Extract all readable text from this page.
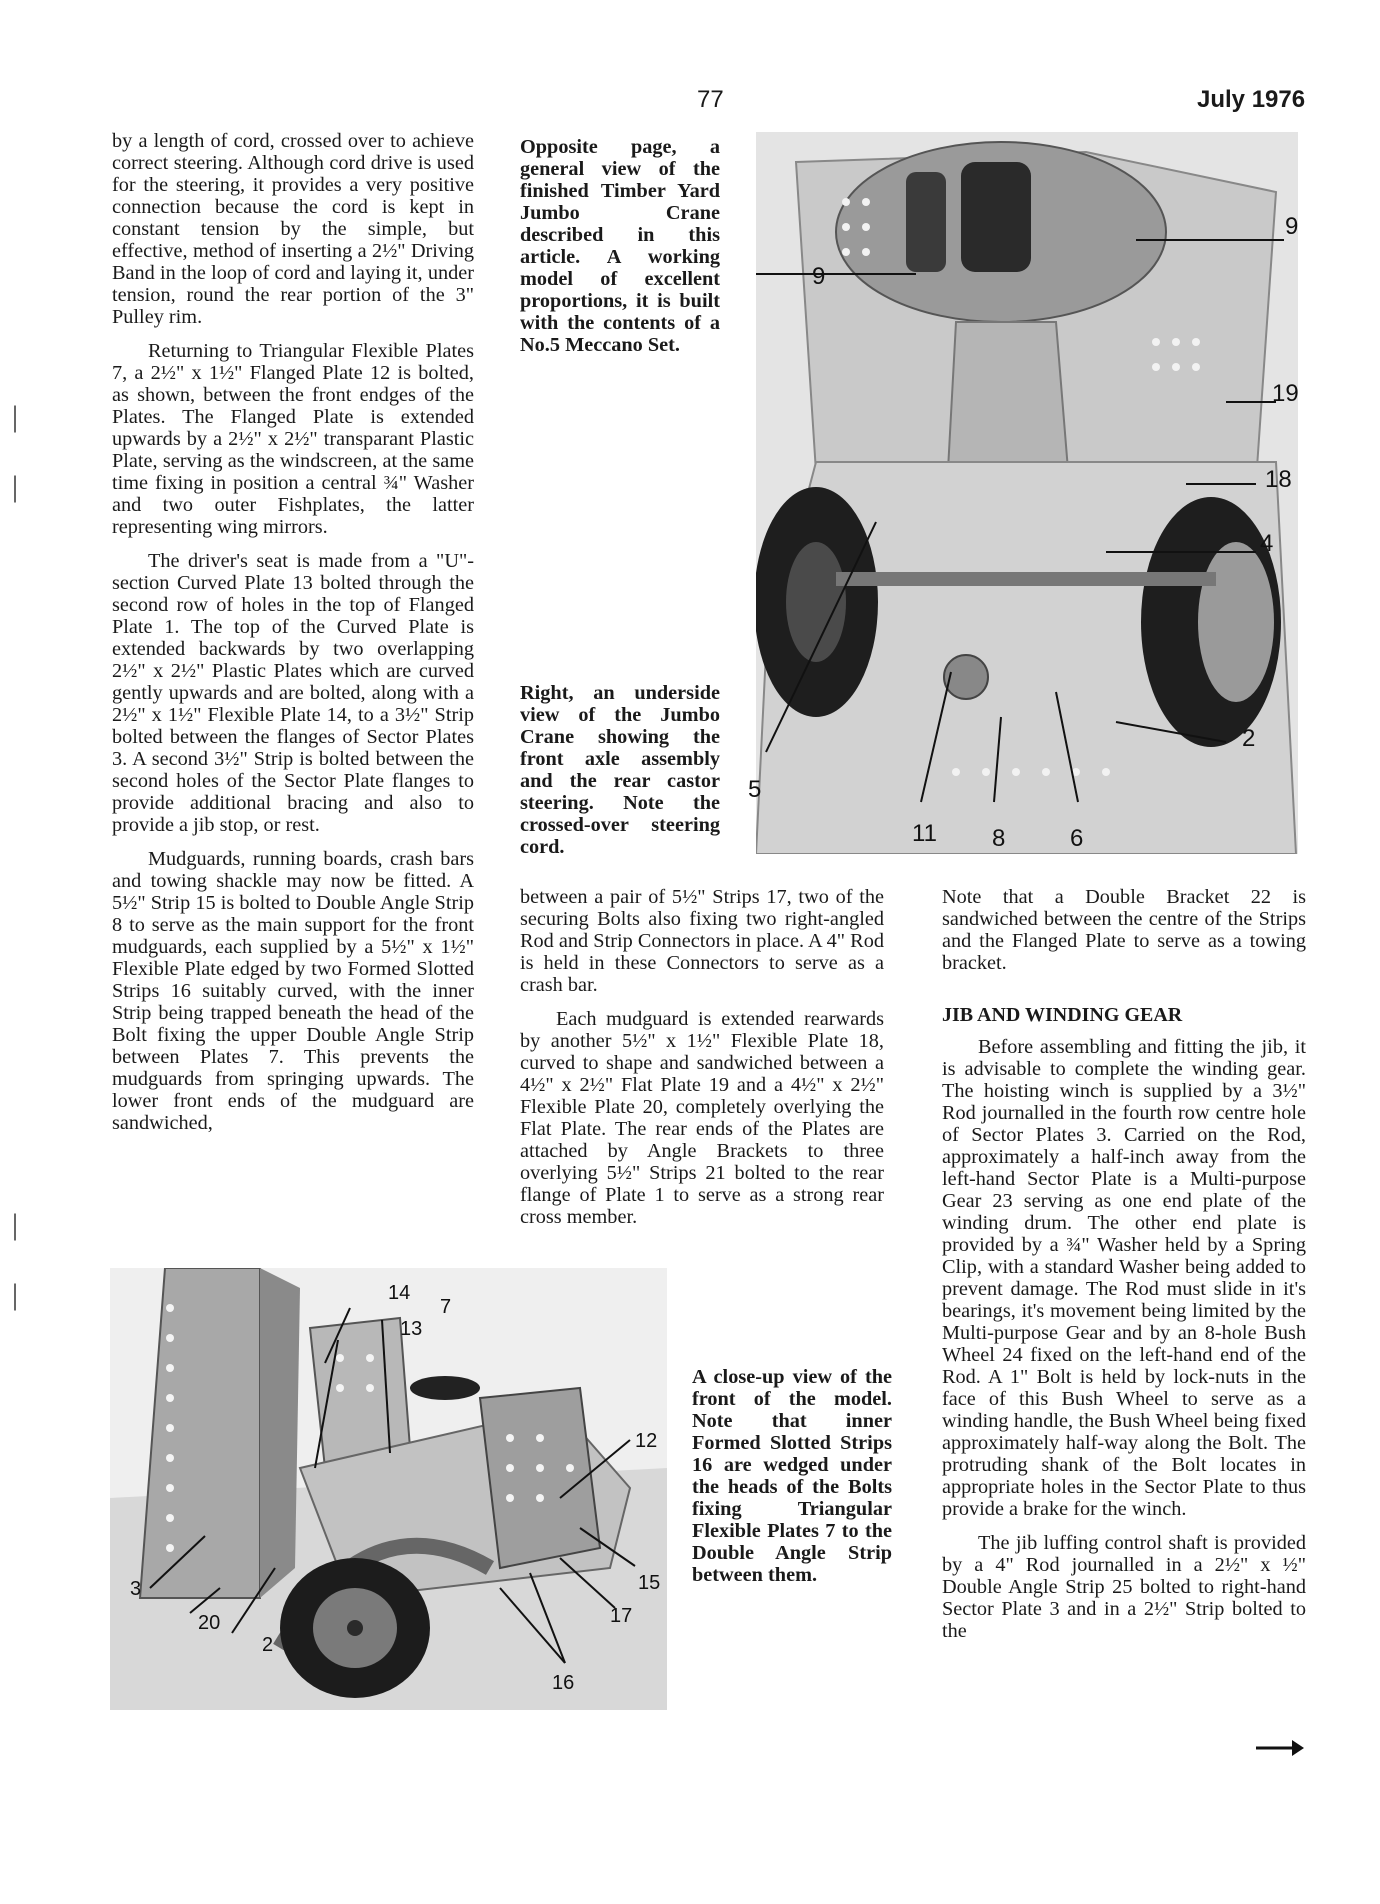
77	July 1976
|
|
|
|

by a length of cord, crossed over to achieve correct steering. Although cord drive is used for the steering, it provides a very positive connection because the cord is kept in constant tension by the simple, but effective, method of inserting a 2½" Driving Band in the loop of cord and laying it, under tension, round the rear portion of the 3" Pulley rim.

Returning to Triangular Flexible Plates 7, a 2½" x 1½" Flanged Plate 12 is bolted, as shown, between the front endges of the Plates. The Flanged Plate is extended upwards by a 2½" x 2½" transparant Plastic Plate, serving as the windscreen, at the same time fixing in position a central ¾" Washer and two outer Fishplates, the latter representing wing mirrors.

The driver's seat is made from a "U"-section Curved Plate 13 bolted through the second row of holes in the top of Flanged Plate 1. The top of the Curved Plate is extended backwards by two overlapping 2½" x 2½" Plastic Plates which are curved gently upwards and are bolted, along with a 2½" x 1½" Flexible Plate 14, to a 3½" Strip bolted between the flanges of Sector Plates 3. A second 3½" Strip is bolted between the second holes of the Sector Plate flanges to provide additional bracing and also to provide a jib stop, or rest.

Mudguards, running boards, crash bars and towing shackle may now be fitted. A 5½" Strip 15 is bolted to Double Angle Strip 8 to serve as the main support for the front mudguards, each supplied by a 5½" x 1½" Flexible Plate edged by two Formed Slotted Strips 16 suitably curved, with the inner Strip being trapped beneath the head of the Bolt fixing the upper Double Angle Strip between Plates 7. This prevents the mudguards from springing upwards. The lower front ends of the mudguard are sandwiched,

Opposite page, a general view of the finished Timber Yard Jumbo Crane described in this article. A working model of excellent proportions, it is built with the contents of a No.5 Meccano Set.
9
9
19
18
4
2
5
11 8	6
Right, an underside view of the Jumbo Crane showing the front axle assembly and the rear castor steering. Note the crossed-over steering cord.

between a pair of 5½" Strips 17, two of the securing Bolts also fixing two right-angled Rod and Strip Connectors in place. A 4" Rod is held in these Connectors to serve as a crash bar.

Each mudguard is extended rearwards by another 5½" x 1½" Flexible Plate 18, curved to shape and sandwiched between a 4½" x 2½" Flat Plate 19 and a 4½" x 2½" Flexible Plate 20, completely overlying the Flat Plate. The rear ends of the Plates are attached by Angle Brackets to three overlying 5½" Strips 21 bolted to the rear flange of Plate 1 to serve as a strong rear cross member.

Note that a Double Bracket 22 is sandwiched between the centre of the Strips and the Flanged Plate to serve as a towing bracket.

JIB AND WINDING GEAR

Before assembling and fitting the jib, it is advisable to complete the winding gear. The hoisting winch is supplied by a 3½" Rod journalled in the fourth row centre hole of Sector Plates 3. Carried on the Rod, approximately a half-inch away from the left-hand Sector Plate is a Multi-purpose Gear 23 serving as one end plate of the winding drum. The other end plate is provided by a ¾" Washer held by a Spring Clip, with a standard Washer being added to prevent damage. The Rod must slide in it's bearings, it's movement being limited by the Multi-purpose Gear and by an 8-hole Bush Wheel 24 fixed on the left-hand end of the Rod. A 1" Bolt is held by lock-nuts in the face of this Bush Wheel to serve as a winding handle, the Bush Wheel being fixed approximately half-way along the Bolt. The protruding shank of the Bolt locates in appropriate holes in the Sector Plate to thus provide a brake for the winch.

The jib luffing control shaft is provided by a 4" Rod journalled in a 2½" x ½" Double Angle Strip 25 bolted to right-hand Sector Plate 3 and in a 2½" Strip bolted to the

14
13
7
12
15
17
16
3
20
2
A close-up view of the front of the model. Note that inner Formed Slotted Strips 16 are wedged under the heads of the Bolts fixing Triangular Flexible Plates 7 to the Double Angle Strip between them.
